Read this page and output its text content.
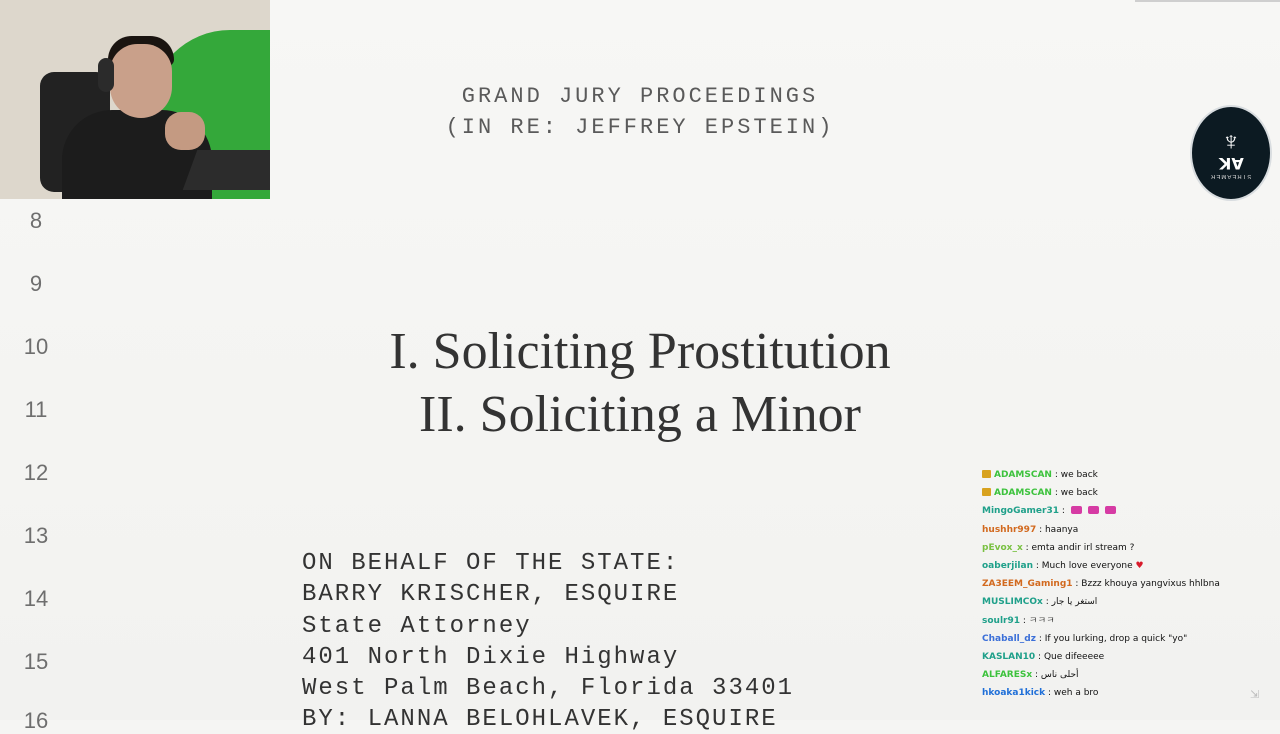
GRAND JURY PROCEEDINGS
(IN RE: JEFFREY EPSTEIN)
8
9
10
11
12
13
14
15
16
I. Soliciting Prostitution
II. Soliciting a Minor
ON BEHALF OF THE STATE:
BARRY KRISCHER, ESQUIRE
State Attorney
401 North Dixie Highway
West Palm Beach, Florida 33401
BY: LANNA BELOHLAVEK, ESQUIRE
♆
AK
STREAMER
ADAMSCAN : we back
ADAMSCAN : we back
MingoGamer31 :
hushhr997 : haanya
pEvox_x : emta andir irl stream ?
oaberjilan : Much love everyone ♥
ZA3EEM_Gaming1 : Bzzz khouya yangvixus hhlbna
MUSLIMCOx : استغر يا جار
soulr91 : ㅋㅋㅋ
Chaball_dz : If you lurking, drop a quick "yo"
KASLAN10 : Que difeeeee
ALFARESx : أحلى ناس
hkoaka1kick : weh a bro	⇲
